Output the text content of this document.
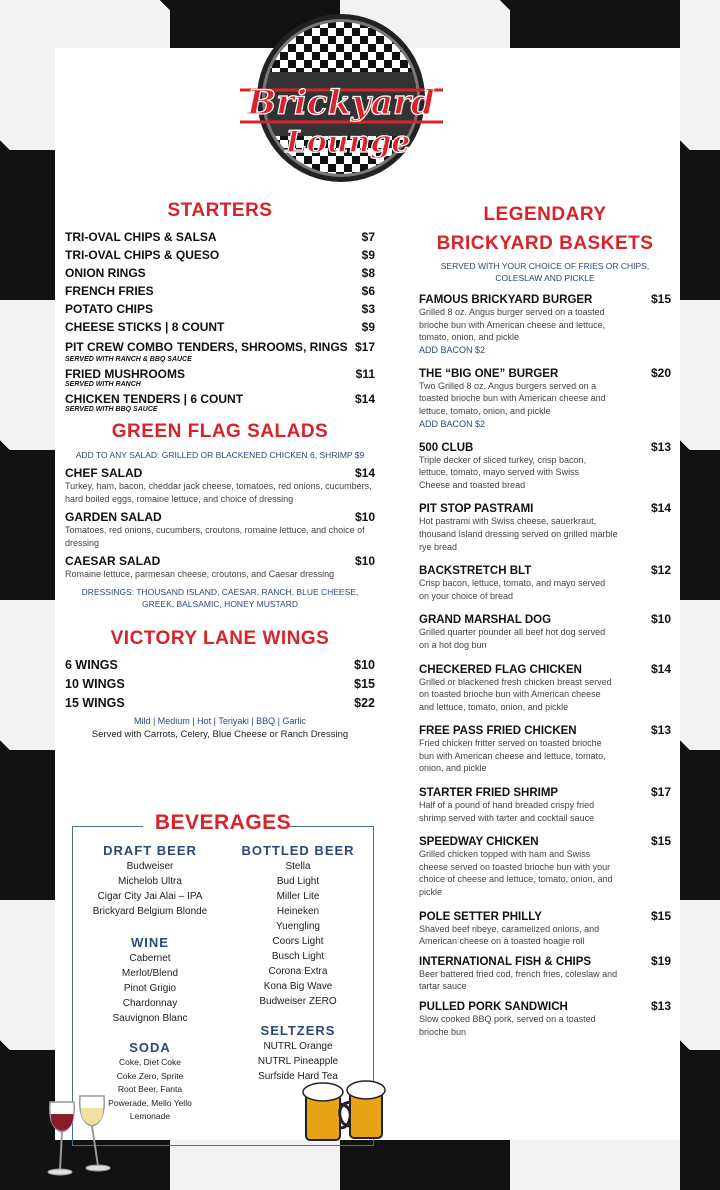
Brickyard
Lounge
STARTERS
TRI-OVAL CHIPS & SALSA	$7
TRI-OVAL CHIPS & QUESO	$9
ONION RINGS	$8
FRENCH FRIES	$6
POTATO CHIPS	$3
CHEESE STICKS | 8 COUNT	$9
PIT CREW COMBO TENDERS, SHROOMS, RINGS $17
SERVED WITH RANCH & BBQ SAUCE
FRIED MUSHROOMS	$11
SERVED WITH RANCH
CHICKEN TENDERS | 6 COUNT	$14
SERVED WITH BBQ SAUCE
GREEN FLAG SALADS
ADD TO ANY SALAD: GRILLED OR BLACKENED CHICKEN 6, SHRIMP $9
CHEF SALAD	$14
Turkey, ham, bacon, cheddar jack cheese, tomatoes, red onions, cucumbers, hard boiled eggs, romaine lettuce, and choice of dressing
GARDEN SALAD	$10
Tomatoes, red onions, cucumbers, croutons, romaine lettuce, and choice of dressing
CAESAR SALAD	$10
Romaine lettuce, parmesan cheese, croutons, and Caesar dressing
DRESSINGS: THOUSAND ISLAND, CAESAR, RANCH, BLUE CHEESE, GREEK, BALSAMIC, HONEY MUSTARD
VICTORY LANE WINGS
6 WINGS	$10
10 WINGS	$15
15 WINGS	$22
Mild | Medium | Hot | Teriyaki | BBQ | Garlic
Served with Carrots, Celery, Blue Cheese or Ranch Dressing
BEVERAGES
DRAFT BEER
Budweiser
Michelob Ultra
Cigar City Jai Alai – IPA
Brickyard Belgium Blonde
WINE
Cabernet
Merlot/Blend
Pinot Grigio
Chardonnay
Sauvignon Blanc
SODA
Coke, Diet Coke
Coke Zero, Sprite
Root Beer, Fanta
Powerade, Mello Yello
Lemonade
BOTTLED BEER
Stella
Bud Light
Miller Lite
Heineken
Yuengling
Coors Light
Busch Light
Corona Extra
Kona Big Wave
Budweiser ZERO
SELTZERS
NUTRL Orange
NUTRL Pineapple
Surfside Hard Tea
LEGENDARY
BRICKYARD BASKETS
SERVED WITH YOUR CHOICE OF FRIES OR CHIPS, COLESLAW AND PICKLE
FAMOUS BRICKYARD BURGER	$15
Grilled 8 oz. Angus burger served on a toasted brioche bun with American cheese and lettuce, tomato, onion, and pickle
ADD BACON $2
THE “BIG ONE” BURGER	$20
Two Grilled 8 oz. Angus burgers served on a toasted brioche bun with American cheese and lettuce, tomato, onion, and pickle
ADD BACON $2
500 CLUB	$13
Triple decker of sliced turkey, crisp bacon, lettuce, tomato, mayo served with Swiss Cheese and toasted bread
PIT STOP PASTRAMI	$14
Hot pastrami with Swiss cheese, sauerkraut, thousand Island dressing served on grilled marble rye bread
BACKSTRETCH BLT	$12
Crisp bacon, lettuce, tomato, and mayo served on your choice of bread
GRAND MARSHAL DOG	$10
Grilled quarter pounder all beef hot dog served on a hot dog bun
CHECKERED FLAG CHICKEN	$14
Grilled or blackened fresh chicken breast served on toasted brioche bun with American cheese and lettuce, tomato, onion, and pickle
FREE PASS FRIED CHICKEN	$13
Fried chicken fritter served on toasted brioche bun with American cheese and lettuce, tomato, onion, and pickle
STARTER FRIED SHRIMP	$17
Half of a pound of hand breaded crispy fried shrimp served with tarter and cocktail sauce
SPEEDWAY CHICKEN	$15
Grilled chicken topped with ham and Swiss cheese served on toasted brioche bun with your choice of cheese and lettuce, tomato, onion, and pickle
POLE SETTER PHILLY	$15
Shaved beef ribeye, caramelized onions, and American cheese on a toasted hoagie roll
INTERNATIONAL FISH & CHIPS	$19
Beer battered fried cod, french fries, coleslaw and tartar sauce
PULLED PORK SANDWICH	$13
Slow cooked BBQ pork, served on a toasted brioche bun
